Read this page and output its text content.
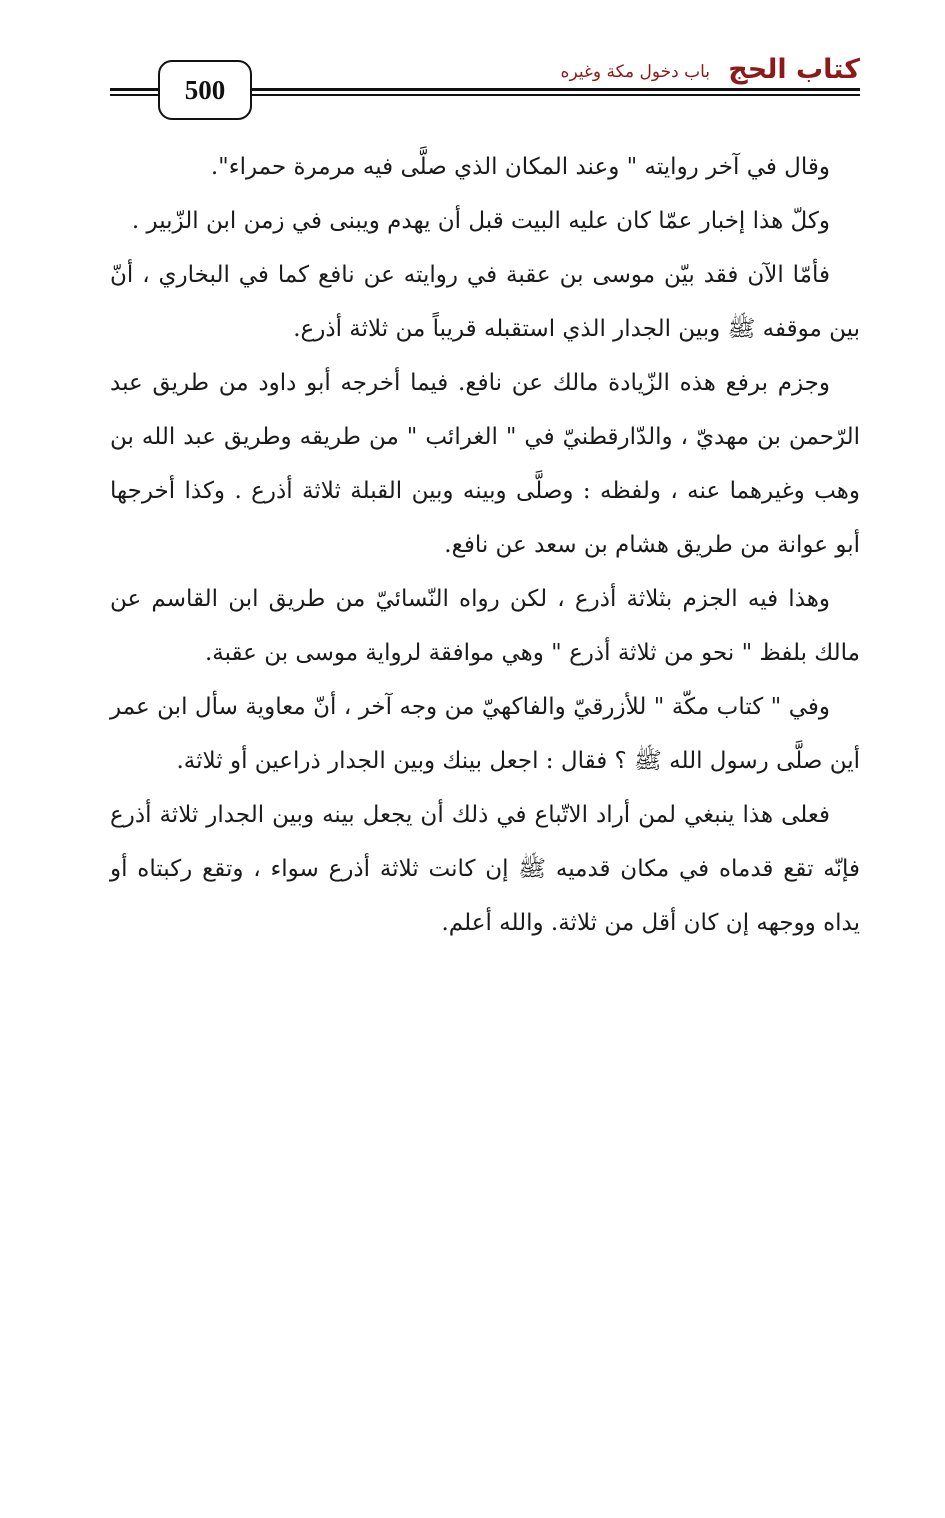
500
باب دخول مكة وغيره كتاب الحج

وقال في آخر روايته " وعند المكان الذي صلَّى فيه مرمرة حمراء".

وكلّ هذا إخبار عمّا كان عليه البيت قبل أن يهدم ويبنى في زمن ابن الزّبير .

فأمّا الآن فقد بيّن موسى بن عقبة في روايته عن نافع كما في البخاري ، أنّ بين موقفه ﷺ وبين الجدار الذي استقبله قريباً من ثلاثة أذرع.

وجزم برفع هذه الزّيادة مالك عن نافع. فيما أخرجه أبو داود من طريق عبد الرّحمن بن مهديّ ، والدّارقطنيّ في " الغرائب " من طريقه وطريق عبد الله بن وهب وغيرهما عنه ، ولفظه : وصلَّى وبينه وبين القبلة ثلاثة أذرع . وكذا أخرجها أبو عوانة من طريق هشام بن سعد عن نافع.

وهذا فيه الجزم بثلاثة أذرع ، لكن رواه النّسائيّ من طريق ابن القاسم عن مالك بلفظ " نحو من ثلاثة أذرع " وهي موافقة لرواية موسى بن عقبة.

وفي " كتاب مكّة " للأزرقيّ والفاكهيّ من وجه آخر ، أنّ معاوية سأل ابن عمر أين صلَّى رسول الله ﷺ ؟ فقال : اجعل بينك وبين الجدار ذراعين أو ثلاثة.

فعلى هذا ينبغي لمن أراد الاتّباع في ذلك أن يجعل بينه وبين الجدار ثلاثة أذرع فإنّه تقع قدماه في مكان قدميه ﷺ إن كانت ثلاثة أذرع سواء ، وتقع ركبتاه أو يداه ووجهه إن كان أقل من ثلاثة. والله أعلم.
